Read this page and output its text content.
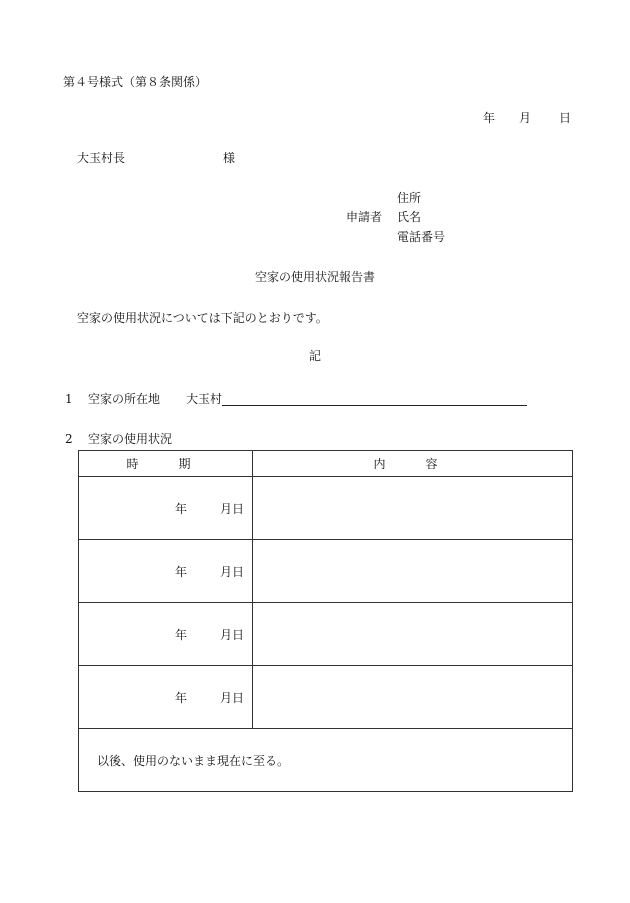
第４号様式（第８条関係）
年 月 日
大玉村長	様
住所
申請者 氏名
電話番号
空家の使用状況報告書
空家の使用状況については下記のとおりです。
記
1 空家の所在地 大玉村
2 空家の使用状況
時　期	内　容
年 月日	
年 月日	
年 月日	
年 月日	
以後、使用のないまま現在に至る。	
